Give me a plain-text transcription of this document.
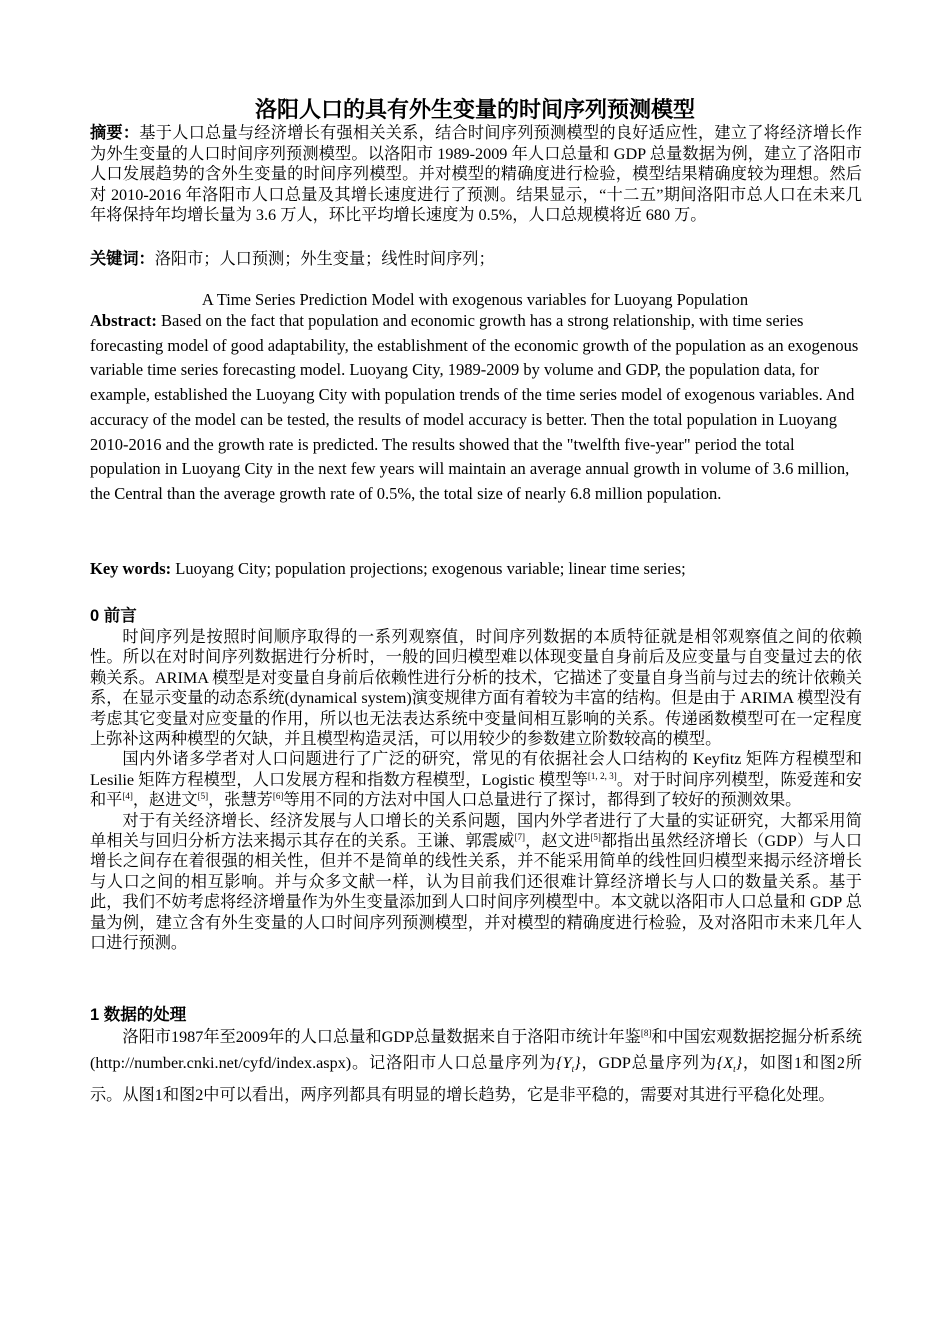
洛阳人口的具有外生变量的时间序列预测模型
摘要：基于人口总量与经济增长有强相关关系，结合时间序列预测模型的良好适应性，建立了将经济增长作为外生变量的人口时间序列预测模型。以洛阳市 1989-2009 年人口总量和 GDP 总量数据为例，建立了洛阳市人口发展趋势的含外生变量的时间序列模型。并对模型的精确度进行检验，模型结果精确度较为理想。然后对 2010-2016 年洛阳市人口总量及其增长速度进行了预测。结果显示，“十二五”期间洛阳市总人口在未来几年将保持年均增长量为 3.6 万人，环比平均增长速度为 0.5%，人口总规模将近 680 万。
关键词：洛阳市；人口预测；外生变量；线性时间序列；
A Time Series Prediction Model with exogenous variables for Luoyang Population
Abstract: Based on the fact that population and economic growth has a strong relationship, with time series forecasting model of good adaptability, the establishment of the economic growth of the population as an exogenous variable time series forecasting model. Luoyang City, 1989-2009 by volume and GDP, the population data, for example, established the Luoyang City with population trends of the time series model of exogenous variables. And accuracy of the model can be tested, the results of model accuracy is better. Then the total population in Luoyang 2010-2016 and the growth rate is predicted. The results showed that the "twelfth five-year" period the total population in Luoyang City in the next few years will maintain an average annual growth in volume of 3.6 million, the Central than the average growth rate of 0.5%, the total size of nearly 6.8 million population.
Key words: Luoyang City; population projections; exogenous variable; linear time series;
0 前言

时间序列是按照时间顺序取得的一系列观察值，时间序列数据的本质特征就是相邻观察值之间的依赖性。所以在对时间序列数据进行分析时，一般的回归模型难以体现变量自身前后及应变量与自变量过去的依赖关系。ARIMA 模型是对变量自身前后依赖性进行分析的技术，它描述了变量自身当前与过去的统计依赖关系，在显示变量的动态系统(dynamical system)演变规律方面有着较为丰富的结构。但是由于 ARIMA 模型没有考虑其它变量对应变量的作用，所以也无法表达系统中变量间相互影响的关系。传递函数模型可在一定程度上弥补这两种模型的欠缺，并且模型构造灵活，可以用较少的参数建立阶数较高的模型。

国内外诸多学者对人口问题进行了广泛的研究，常见的有依据社会人口结构的 Keyfitz 矩阵方程模型和 Lesilie 矩阵方程模型，人口发展方程和指数方程模型，Logistic 模型等[1, 2, 3]。对于时间序列模型，陈爱莲和安和平[4]，赵进文[5]，张慧芳[6]等用不同的方法对中国人口总量进行了探讨，都得到了较好的预测效果。

对于有关经济增长、经济发展与人口增长的关系问题，国内外学者进行了大量的实证研究，大都采用简单相关与回归分析方法来揭示其存在的关系。王谦、郭震威[7]，赵文进[5]都指出虽然经济增长（GDP）与人口增长之间存在着很强的相关性，但并不是简单的线性关系，并不能采用简单的线性回归模型来揭示经济增长与人口之间的相互影响。并与众多文献一样，认为目前我们还很难计算经济增长与人口的数量关系。基于此，我们不妨考虑将经济增量作为外生变量添加到人口时间序列模型中。本文就以洛阳市人口总量和 GDP 总量为例，建立含有外生变量的人口时间序列预测模型，并对模型的精确度进行检验，及对洛阳市未来几年人口进行预测。

1 数据的处理

洛阳市1987年至2009年的人口总量和GDP总量数据来自于洛阳市统计年鉴[8]和中国宏观数据挖掘分析系统(http://number.cnki.net/cyfd/index.aspx)。记洛阳市人口总量序列为$\{Y_t\}$，GDP总量序列为$\{X_t\}$，如图1和图2所示。从图1和图2中可以看出，两序列都具有明显的增长趋势，它是非平稳的，需要对其进行平稳化处理。
